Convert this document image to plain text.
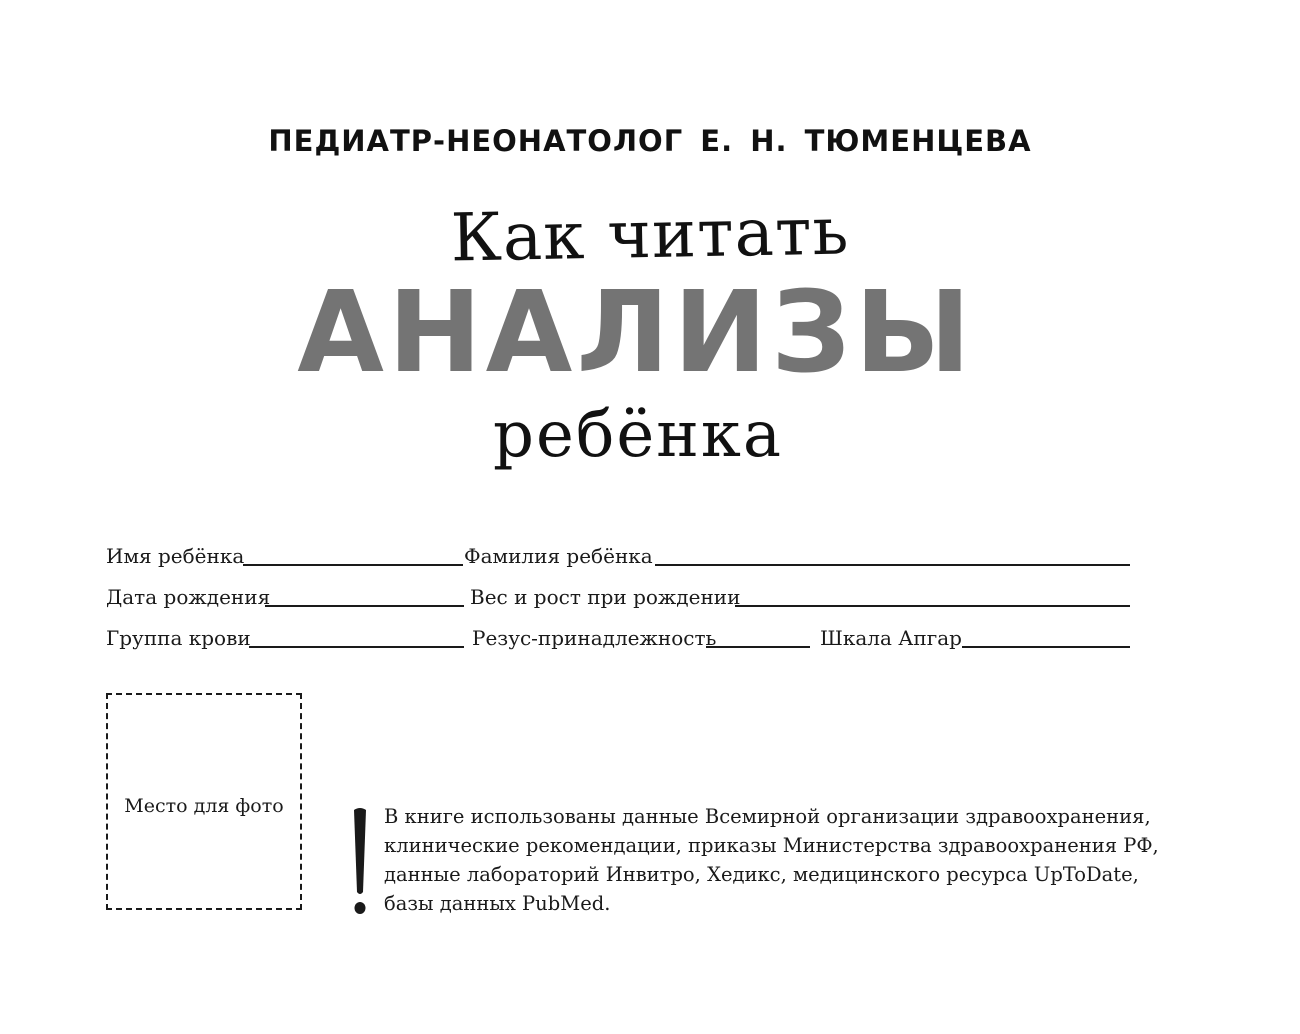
ПЕДИАТР-НЕОНАТОЛОГ Е. Н. ТЮМЕНЦЕВА
Как читать
АНАЛИЗЫ
ребёнка
Имя ребёнка	Фамилия ребёнка
Дата рождения	Вес и рост при рождении
Группа крови	Резус-принадлежность	Шкала Апгар
Место для фото	В книге использованы данные Всемирной организации здравоохранения,
клинические рекомендации, приказы Министерства здравоохранения РФ,
данные лабораторий Инвитро, Хедикс, медицинского ресурса UpToDate,
базы данных PubMed.
